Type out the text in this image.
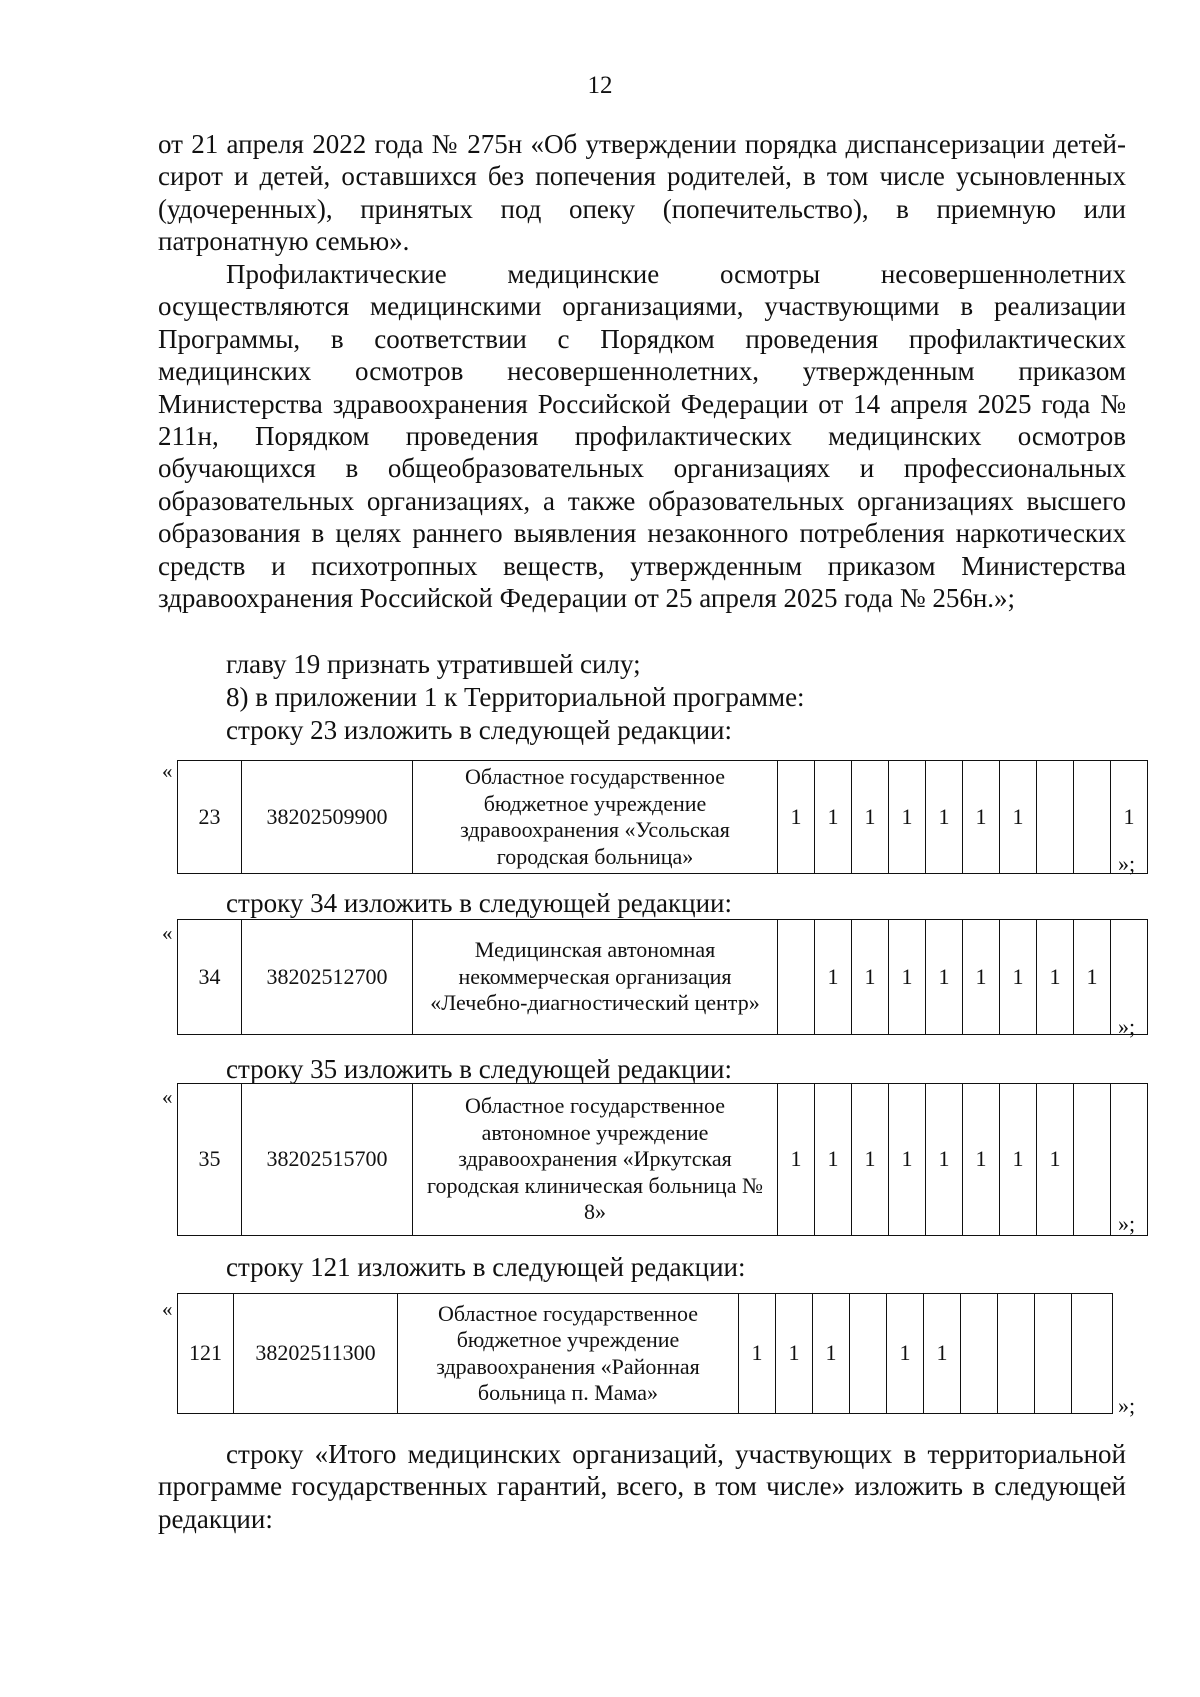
12

от 21 апреля 2022 года № 275н «Об утверждении порядка диспансеризации детей-сирот и детей, оставшихся без попечения родителей, в том числе усыновленных (удочеренных), принятых под опеку (попечительство), в приемную или патронатную семью».

Профилактические медицинские осмотры несовершеннолетних осуществляются медицинскими организациями, участвующими в реализации Программы, в соответствии с Порядком проведения профилактических медицинских осмотров несовершеннолетних, утвержденным приказом Министерства здравоохранения Российской Федерации от 14 апреля 2025 года № 211н, Порядком проведения профилактических медицинских осмотров обучающихся в общеобразовательных организациях и профессиональных образовательных организациях, а также образовательных организациях высшего образования в целях раннего выявления незаконного потребления наркотических средств и психотропных веществ, утвержденным приказом Министерства здравоохранения Российской Федерации от 25 апреля 2025 года № 256н.»;

главу 19 признать утратившей силу;

8) в приложении 1 к Территориальной программе:

строку 23 изложить в следующей редакции:

«
23	38202509900	Областное государственное бюджетное учреждение здравоохранения «Усольская городская больница»	1	1	1	1	1	1	1			1
»;

строку 34 изложить в следующей редакции:

«
34	38202512700	Медицинская автономная некоммерческая организация «Лечебно-диагностический центр»		1	1	1	1	1	1	1	1	
»;

строку 35 изложить в следующей редакции:

«
35	38202515700	Областное государственное автономное учреждение здравоохранения «Иркутская городская клиническая больница № 8»	1	1	1	1	1	1	1	1		
»;

строку 121 изложить в следующей редакции:

«
121	38202511300	Областное государственное бюджетное учреждение здравоохранения «Районная больница п. Мама»	1	1	1		1	1				
»;

строку «Итого медицинских организаций, участвующих в территориальной программе государственных гарантий, всего, в том числе» изложить в следующей редакции:
